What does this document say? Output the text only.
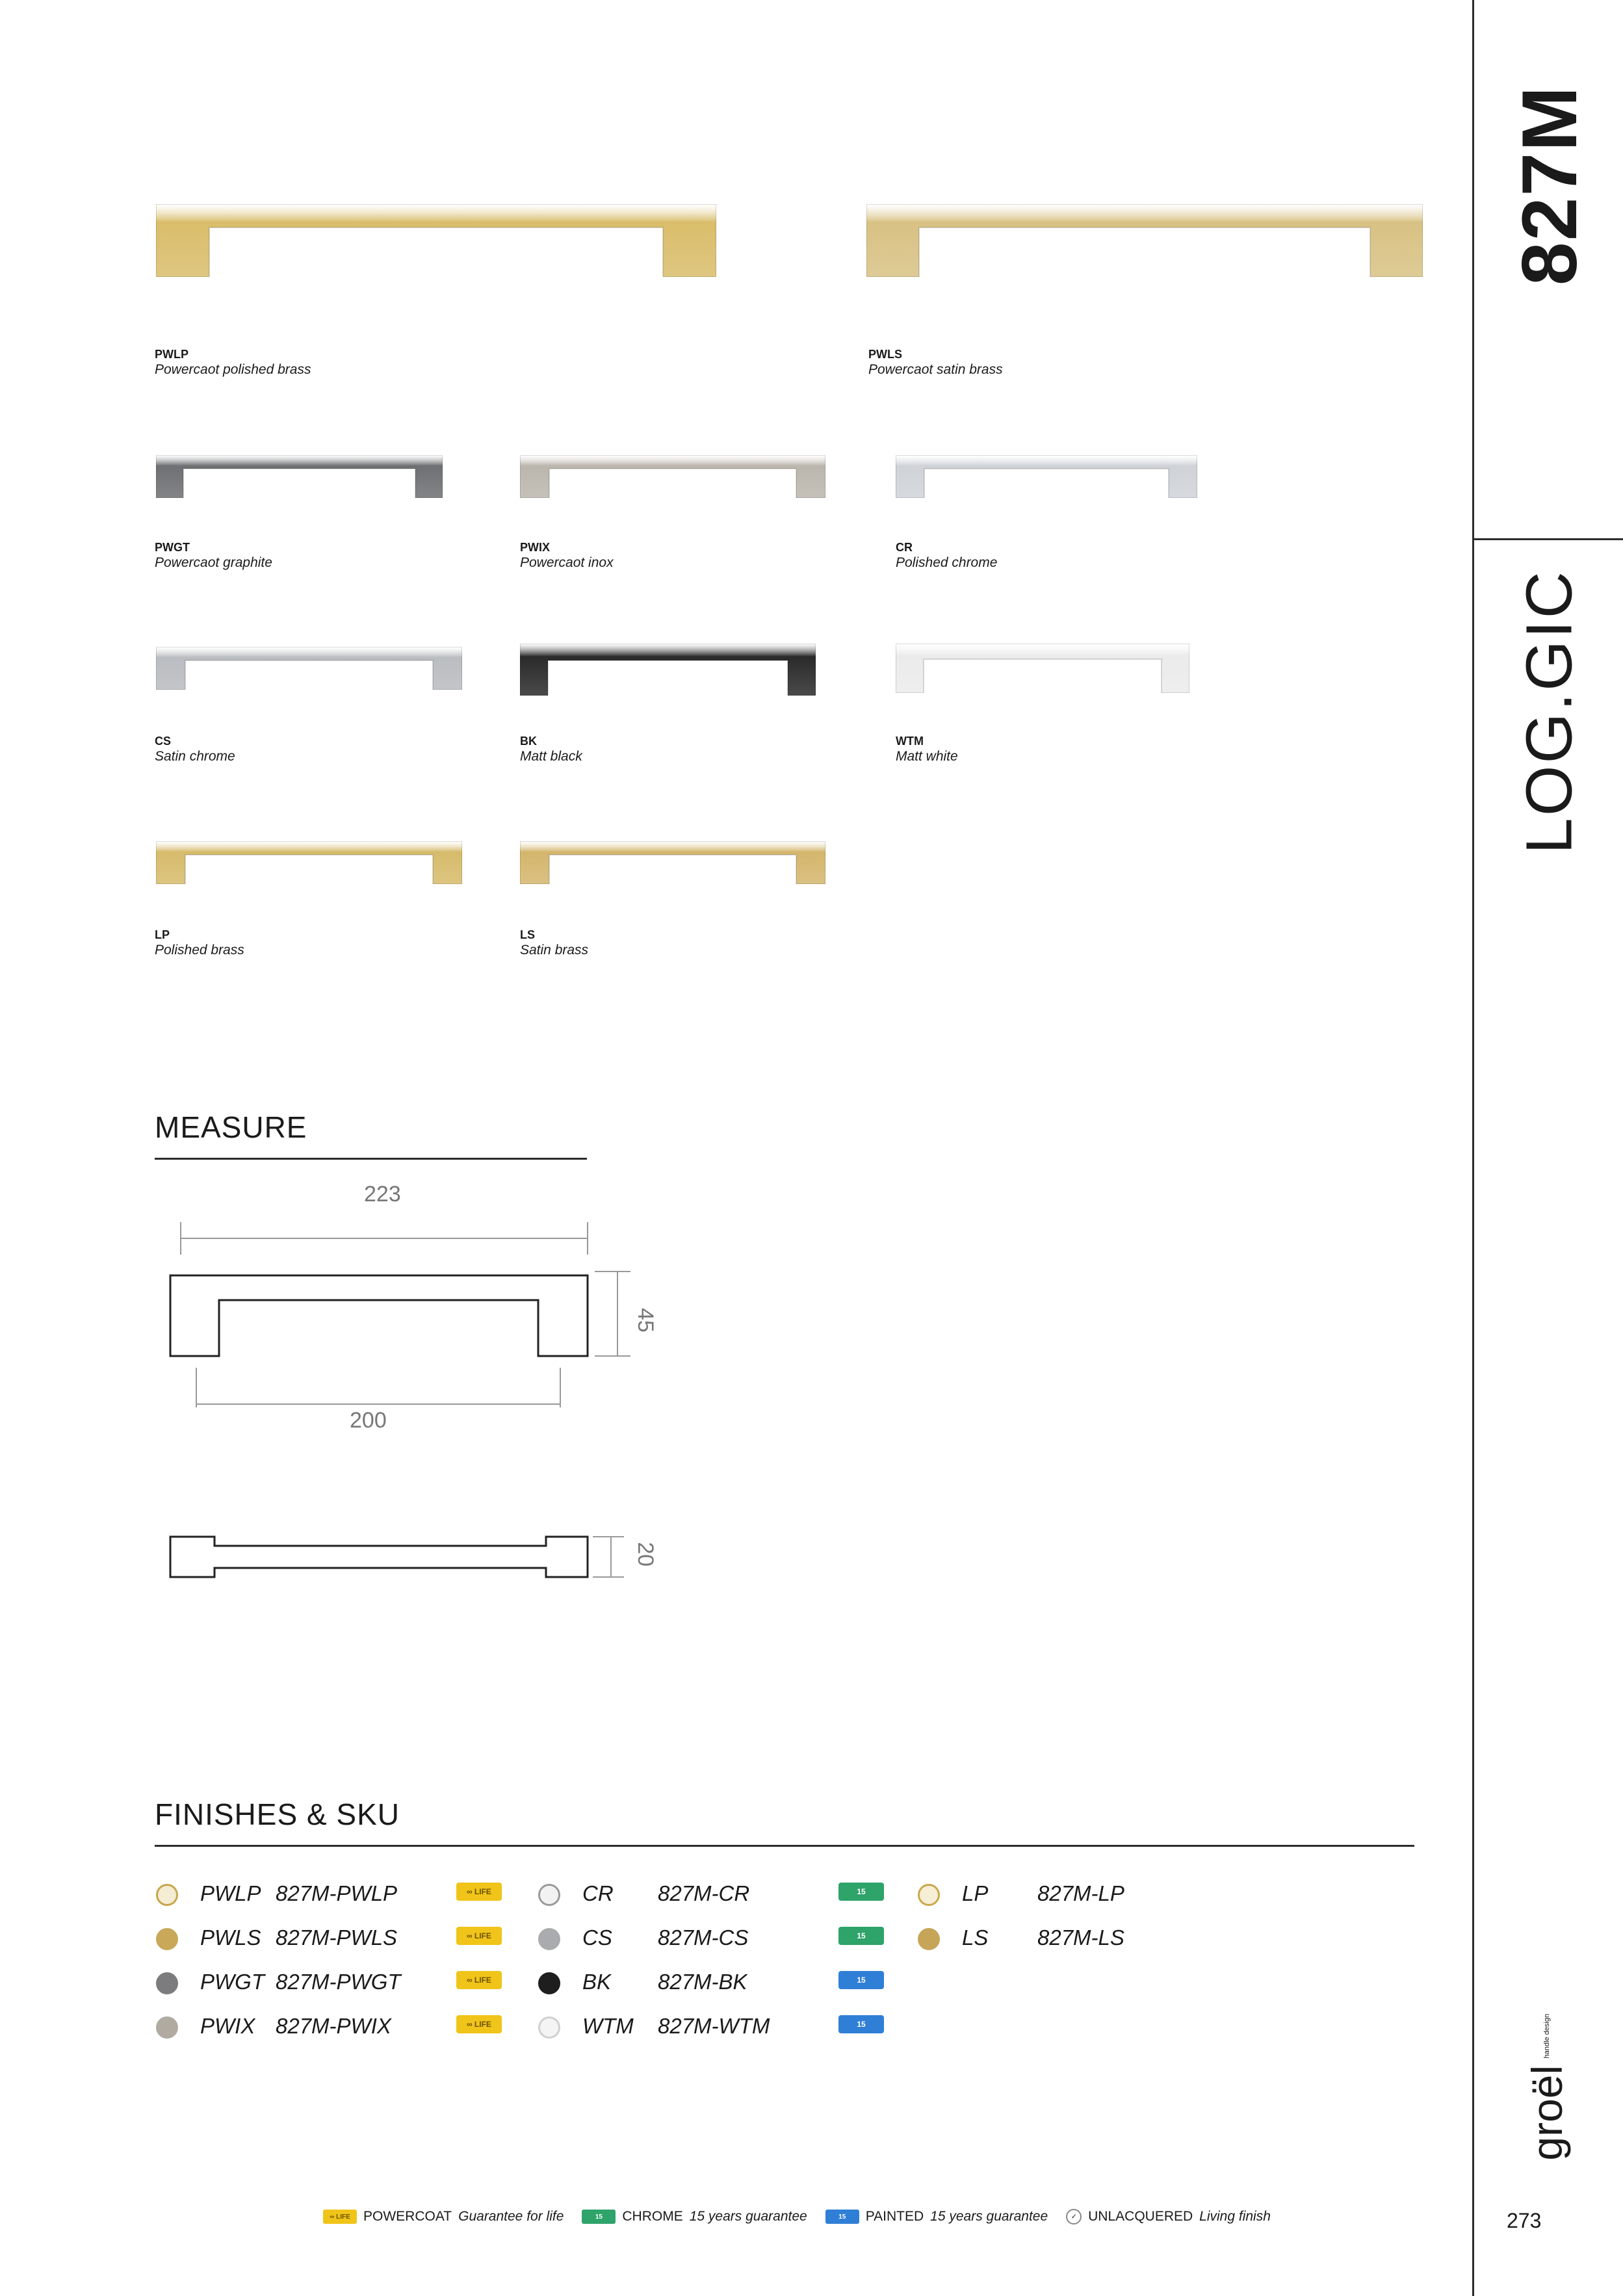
827M
LOG.GIC
groël handle design
273
PWLP
Powercaot polished brass
PWLS
Powercaot satin brass
PWGT
Powercaot graphite
PWIX
Powercaot inox
CR
Polished chrome
CS
Satin chrome
BK
Matt black
WTM
Matt white
LP
Polished brass
LS
Satin brass
MEASURE
223
45
200
20
FINISHES & SKU
PWLP 827M-PWLP	∞ LIFE
PWLS 827M-PWLS	∞ LIFE
PWGT 827M-PWGT	∞ LIFE
PWIX 827M-PWIX	∞ LIFE
CR 827M-CR	15
CS 827M-CS	15
BK 827M-BK	15
WTM 827M-WTM	15
LP 827M-LP
LS 827M-LS
∞ LIFE POWERCOAT Guarantee for life	15	CHROME 15 years guarantee	15	PAINTED 15 years guarantee	✓ UNLACQUERED Living finish
